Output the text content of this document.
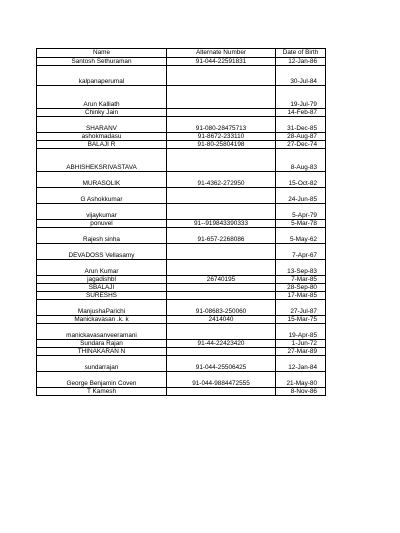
Name	Alternate Number	Date of Birth
Santosh Sethuraman	91-044-22591831	12-Jan-86
kalpanaperumal		30-Jul-84
Arun Kalliath		19-Jul-79
Chinky Jain		14-Feb-87
SHARANV	91-080-28475713	31-Dec-85
ashokmadasu	91-8672-233110	28-Aug-87
BALAJI R	91-80-25804198	27-Dec-74
ABHISHEKSRIVASTAVA		8-Aug-83
MURASOLIK	91-4362-272950	15-Oct-82
G Ashokkumar		24-Jun-85
vijaykumar		5-Apr-79
ponuvel	91--919843390333	5-Mar-78
Rajesh sinha	91-657-2268086	5-May-62
DEVADOSS Vellasamy		7-Apr-67
Arun Kumar		13-Sep-83
jagadishbl	26740195	7-Mar-85
SBALAJI		28-Sep-80
SURESHS		17-Mar-85
ManjushaParichi	91-08683-250060	27-Jul-87
Manickavasan .k. k	2414040	15-Mar-75
manickavasanveeramani		19-Apr-85
Sundara Rajan	91-44-22423420	1-Jun-72
THINAKARAN N		27-Mar-89
sundarrajan	91-044-25506425	12-Jan-84
George Benjamin Coven	91-044-9884472555	21-May-80
T Kamesh		8-Nov-86
